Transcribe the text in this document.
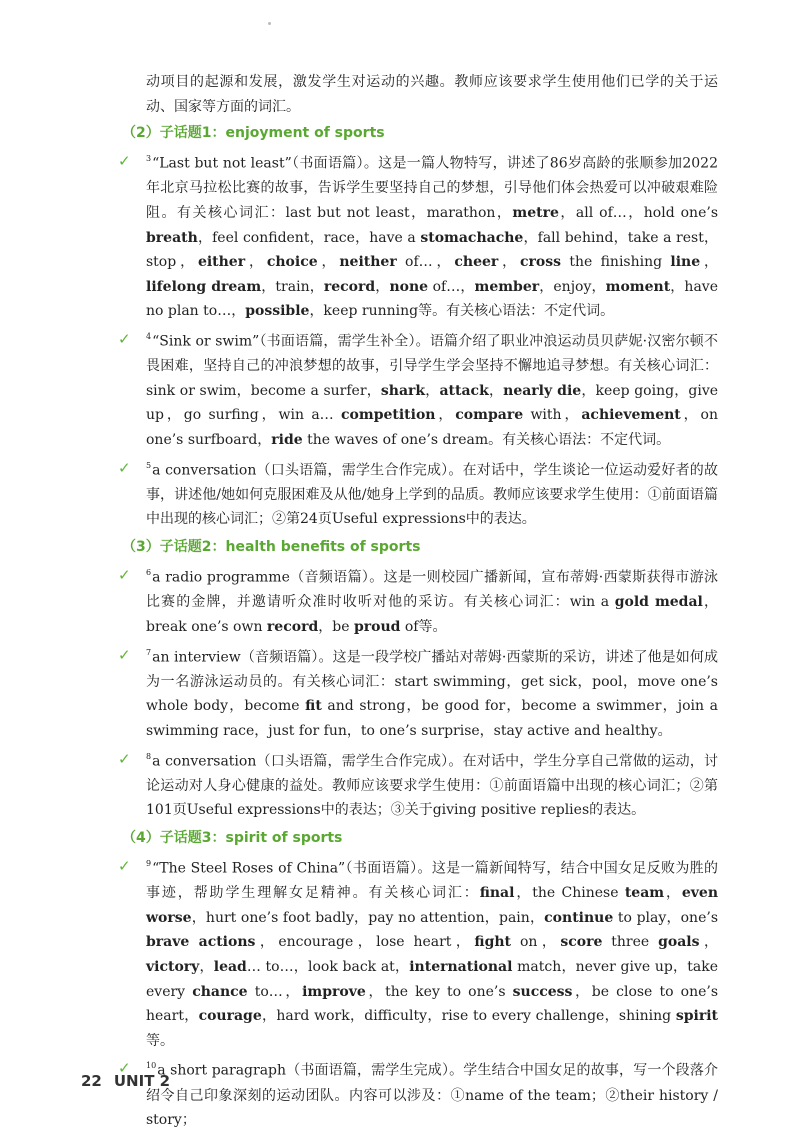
动项目的起源和发展，激发学生对运动的兴趣。教师应该要求学生使用他们已学的关于运动、国家等方面的词汇。
（2）子话题1：enjoyment of sports
✓ $^3$“Last but not least”（书面语篇）。这是一篇人物特写，讲述了86岁高龄的张顺参加2022年北京马拉松比赛的故事，告诉学生要坚持自己的梦想，引导他们体会热爱可以冲破艰难险阻。有关核心词汇：last but not least，marathon，metre，all of…，hold one’s breath，feel confident，race，have a stomachache，fall behind，take a rest，stop，either，choice，neither of…，cheer，cross the finishing line，lifelong dream，train，record，none of…，member，enjoy，moment，have no plan to…，possible，keep running等。有关核心语法：不定代词。
✓ $^4$“Sink or swim”（书面语篇，需学生补全）。语篇介绍了职业冲浪运动员贝萨妮·汉密尔顿不畏困难，坚持自己的冲浪梦想的故事，引导学生学会坚持不懈地追寻梦想。有关核心词汇：sink or swim，become a surfer，shark，attack，nearly die，keep going，give up，go surfing，win a… competition，compare with，achievement，on one’s surfboard，ride the waves of one’s dream。有关核心语法：不定代词。
✓ $^5$a conversation（口头语篇，需学生合作完成）。在对话中，学生谈论一位运动爱好者的故事，讲述他/她如何克服困难及从他/她身上学到的品质。教师应该要求学生使用：①前面语篇中出现的核心词汇；②第24页Useful expressions中的表达。
（3）子话题2：health benefits of sports
✓ $^6$a radio programme（音频语篇）。这是一则校园广播新闻，宣布蒂姆·西蒙斯获得市游泳比赛的金牌，并邀请听众准时收听对他的采访。有关核心词汇：win a gold medal，break one’s own record，be proud of等。
✓ $^7$an interview（音频语篇）。这是一段学校广播站对蒂姆·西蒙斯的采访，讲述了他是如何成为一名游泳运动员的。有关核心词汇：start swimming，get sick，pool，move one’s whole body，become fit and strong，be good for，become a swimmer，join a swimming race，just for fun，to one’s surprise，stay active and healthy。
✓ $^8$a conversation（口头语篇，需学生合作完成）。在对话中，学生分享自己常做的运动，讨论运动对人身心健康的益处。教师应该要求学生使用：①前面语篇中出现的核心词汇；②第101页Useful expressions中的表达；③关于giving positive replies的表达。
（4）子话题3：spirit of sports
✓ $^9$“The Steel Roses of China”（书面语篇）。这是一篇新闻特写，结合中国女足反败为胜的事迹，帮助学生理解女足精神。有关核心词汇：final，the Chinese team，even worse，hurt one’s foot badly，pay no attention，pain，continue to play，one’s brave actions，encourage，lose heart，fight on，score three goals，victory，lead… to…，look back at，international match，never give up，take every chance to…，improve，the key to one’s success，be close to one’s heart，courage，hard work，difficulty，rise to every challenge，shining spirit等。
✓ $^{10}$a short paragraph（书面语篇，需学生完成）。学生结合中国女足的故事，写一个段落介绍令自己印象深刻的运动团队。内容可以涉及：①name of the team；②their history / story；
22 UNIT 2
